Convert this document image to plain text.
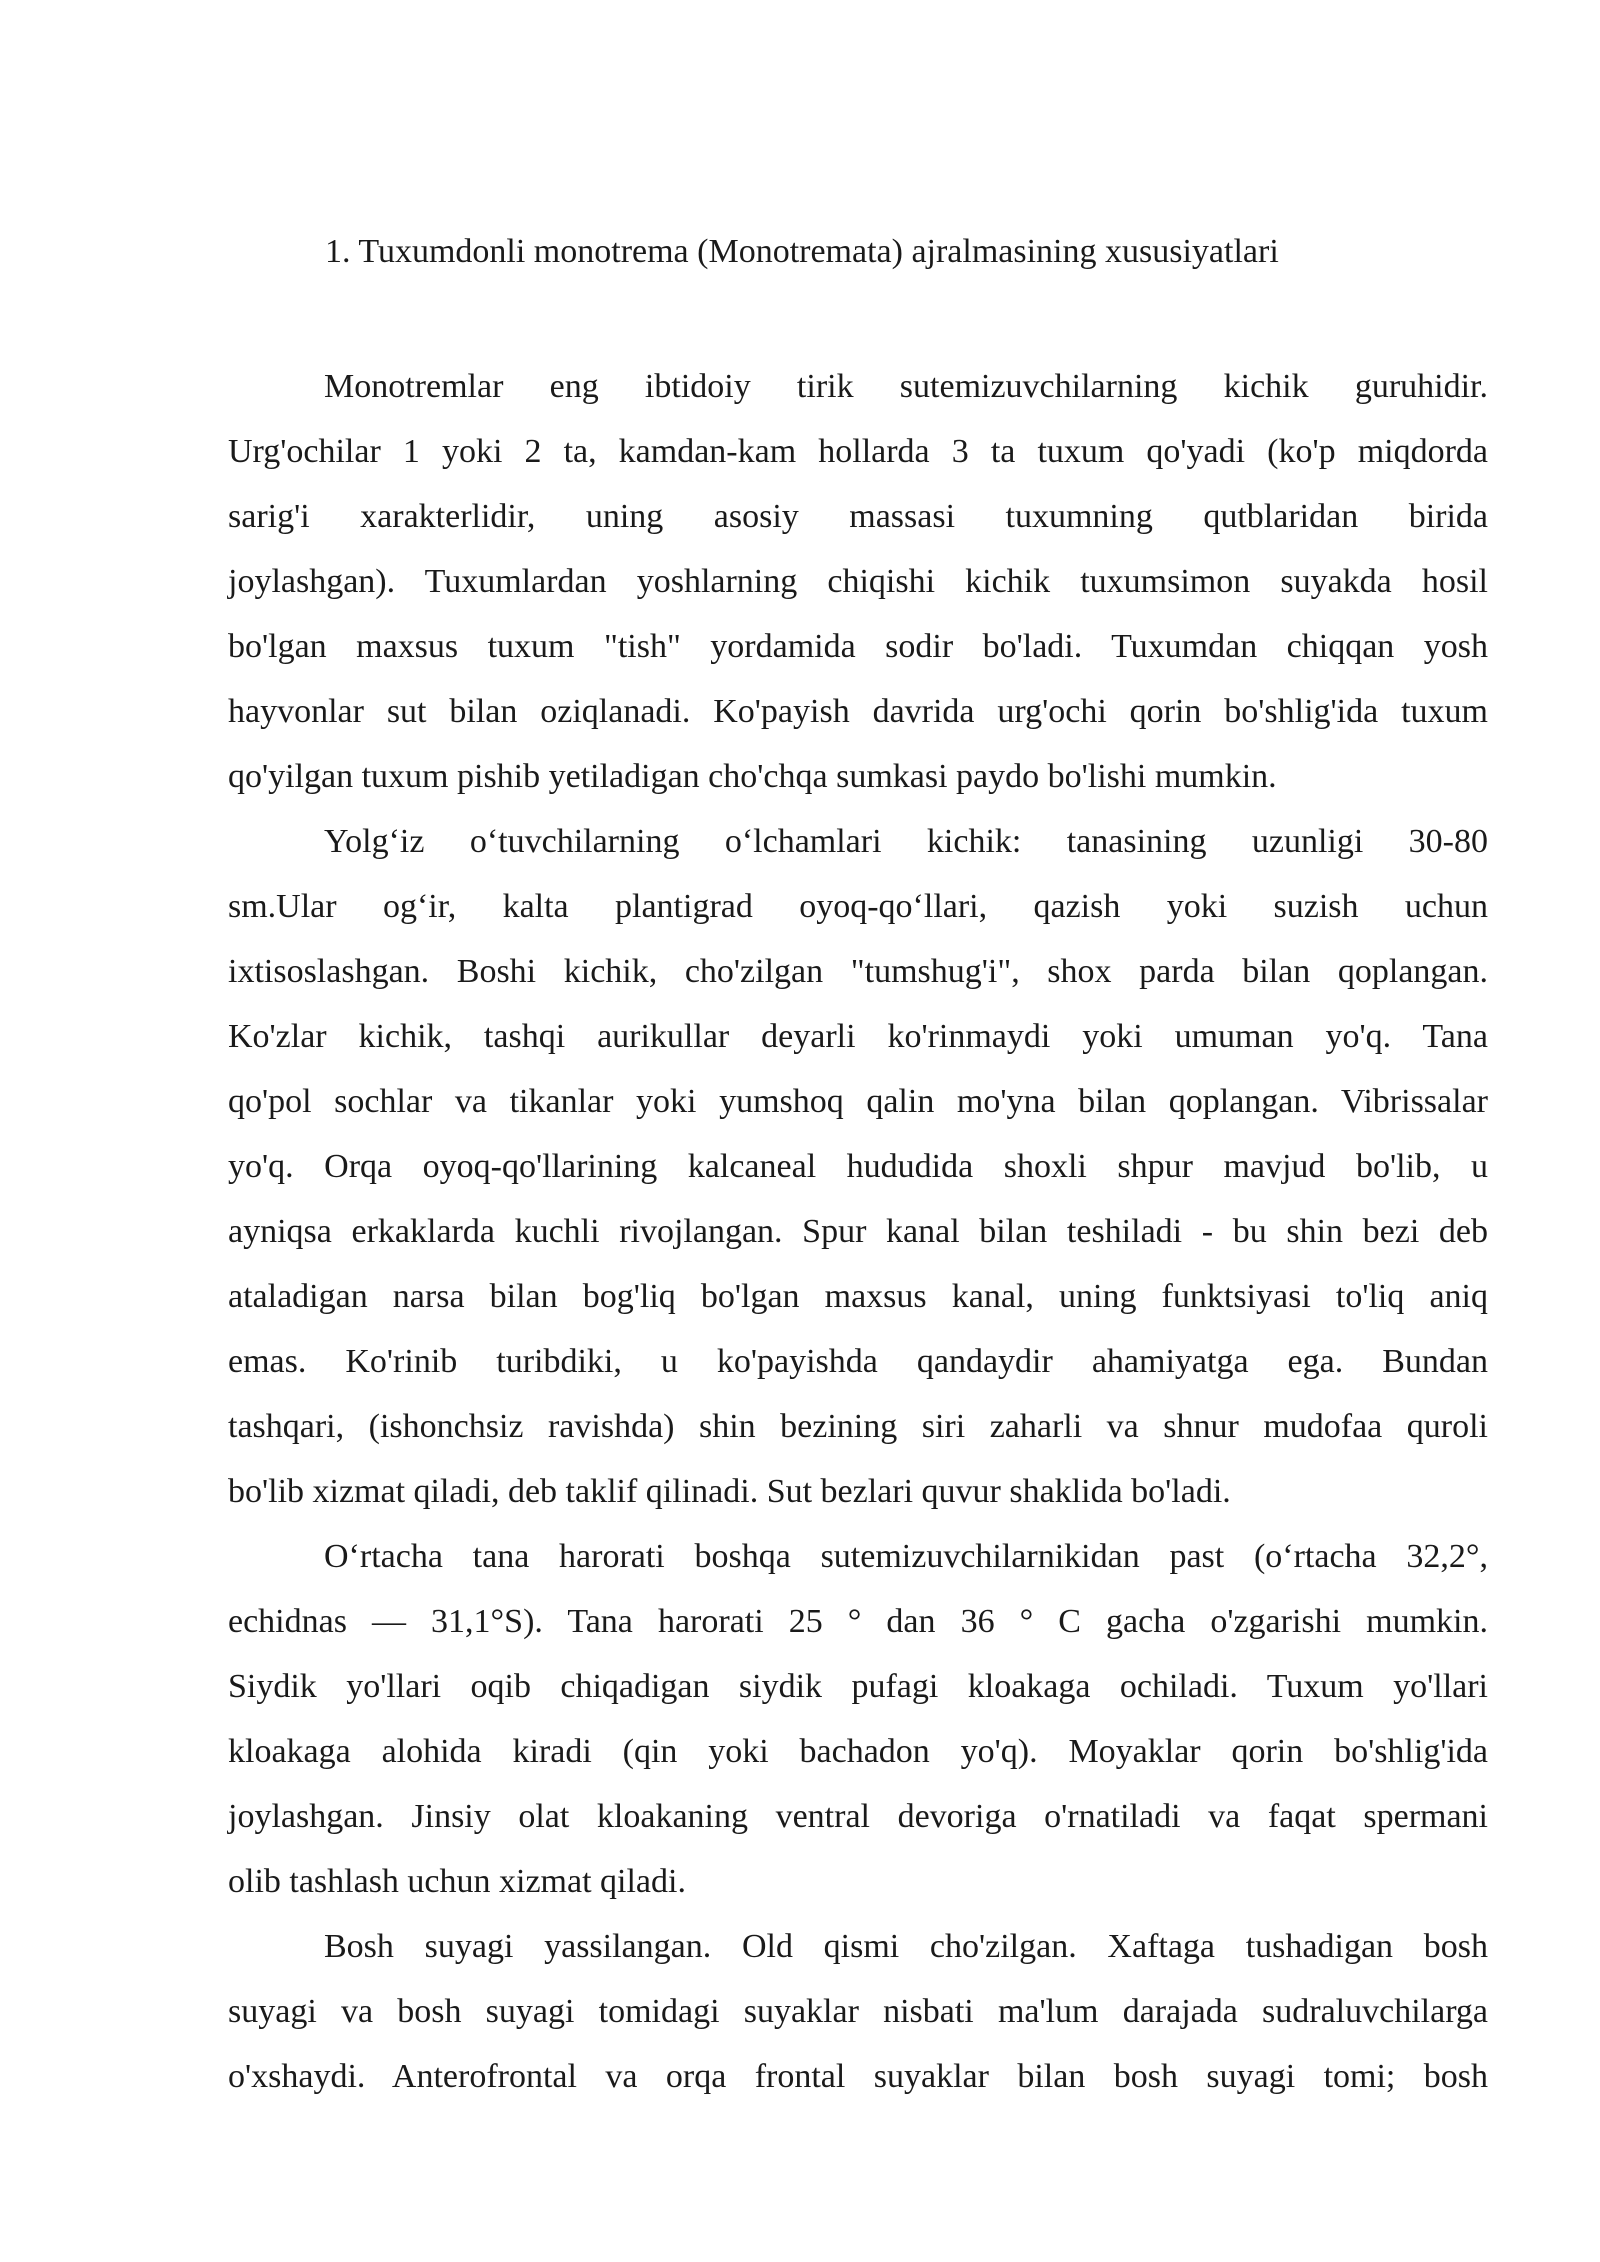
1. Tuxumdonli monotrema (Monotremata) ajralmasining xususiyatlari
Monotremlar eng ibtidoiy tirik sutemizuvchilarning kichik guruhidir.
Urg'ochilar 1 yoki 2 ta, kamdan-kam hollarda 3 ta tuxum qo'yadi (ko'p miqdorda
sarig'i xarakterlidir, uning asosiy massasi tuxumning qutblaridan birida
joylashgan). Tuxumlardan yoshlarning chiqishi kichik tuxumsimon suyakda hosil
bo'lgan maxsus tuxum "tish" yordamida sodir bo'ladi. Tuxumdan chiqqan yosh
hayvonlar sut bilan oziqlanadi. Ko'payish davrida urg'ochi qorin bo'shlig'ida tuxum
qo'yilgan tuxum pishib yetiladigan cho'chqa sumkasi paydo bo'lishi mumkin.
Yolg‘iz o‘tuvchilarning o‘lchamlari kichik: tanasining uzunligi 30-80
sm.Ular og‘ir, kalta plantigrad oyoq-qo‘llari, qazish yoki suzish uchun
ixtisoslashgan. Boshi kichik, cho'zilgan "tumshug'i", shox parda bilan qoplangan.
Ko'zlar kichik, tashqi aurikullar deyarli ko'rinmaydi yoki umuman yo'q. Tana
qo'pol sochlar va tikanlar yoki yumshoq qalin mo'yna bilan qoplangan. Vibrissalar
yo'q. Orqa oyoq-qo'llarining kalcaneal hududida shoxli shpur mavjud bo'lib, u
ayniqsa erkaklarda kuchli rivojlangan. Spur kanal bilan teshiladi - bu shin bezi deb
ataladigan narsa bilan bog'liq bo'lgan maxsus kanal, uning funktsiyasi to'liq aniq
emas. Ko'rinib turibdiki, u ko'payishda qandaydir ahamiyatga ega. Bundan
tashqari, (ishonchsiz ravishda) shin bezining siri zaharli va shnur mudofaa quroli
bo'lib xizmat qiladi, deb taklif qilinadi. Sut bezlari quvur shaklida bo'ladi.
O‘rtacha tana harorati boshqa sutemizuvchilarnikidan past (o‘rtacha 32,2°,
echidnas — 31,1°S). Tana harorati 25 ° dan 36 ° C gacha o'zgarishi mumkin.
Siydik yo'llari oqib chiqadigan siydik pufagi kloakaga ochiladi. Tuxum yo'llari
kloakaga alohida kiradi (qin yoki bachadon yo'q). Moyaklar qorin bo'shlig'ida
joylashgan. Jinsiy olat kloakaning ventral devoriga o'rnatiladi va faqat spermani
olib tashlash uchun xizmat qiladi.
Bosh suyagi yassilangan. Old qismi cho'zilgan. Xaftaga tushadigan bosh
suyagi va bosh suyagi tomidagi suyaklar nisbati ma'lum darajada sudraluvchilarga
o'xshaydi. Anterofrontal va orqa frontal suyaklar bilan bosh suyagi tomi; bosh
